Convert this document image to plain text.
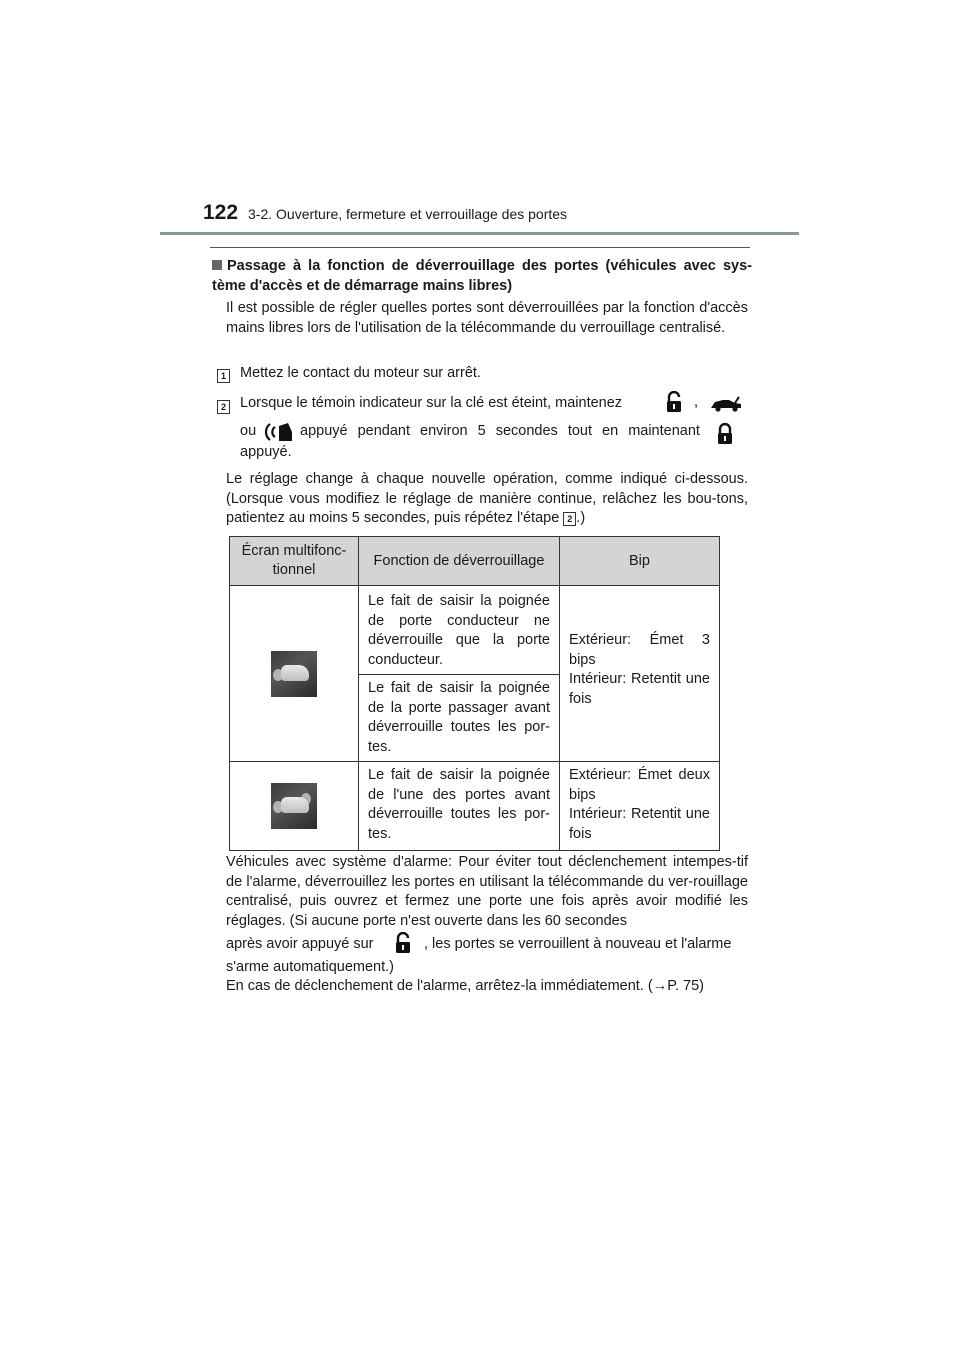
122 3-2. Ouverture, fermeture et verrouillage des portes
Passage à la fonction de déverrouillage des portes (véhicules avec sys-tème d'accès et de démarrage mains libres)
Il est possible de régler quelles portes sont déverrouillées par la fonction d'accès mains libres lors de l'utilisation de la télécommande du verrouillage centralisé.
1 Mettez le contact du moteur sur arrêt.
2 Lorsque le témoin indicateur sur la clé est éteint, maintenez	,
ou	appuyé pendant environ 5 secondes tout en maintenant
appuyé.
Le réglage change à chaque nouvelle opération, comme indiqué ci-dessous. (Lorsque vous modifiez le réglage de manière continue, relâchez les bou-tons, patientez au moins 5 secondes, puis répétez l'étape 2 .)
Écran multifonc-tionnel	Fonction de déverrouillage	Bip

	Le fait de saisir la poignée de porte conducteur ne déverrouille que la porte conducteur.	Extérieur: Émet 3 bips
Intérieur: Retentit une fois

	Le fait de saisir la poignée de la porte passager avant déverrouille toutes les por-tes.	

	Le fait de saisir la poignée de l'une des portes avant déverrouille toutes les por-tes.	Extérieur: Émet deux bips
Intérieur: Retentit une fois
Véhicules avec système d'alarme: Pour éviter tout déclenchement intempes-tif de l'alarme, déverrouillez les portes en utilisant la télécommande du ver-rouillage centralisé, puis ouvrez et fermez une porte une fois après avoir modifié les réglages. (Si aucune porte n'est ouverte dans les 60 secondes
après avoir appuyé sur	, les portes se verrouillent à nouveau et l'alarme
s'arme automatiquement.)
En cas de déclenchement de l'alarme, arrêtez-la immédiatement. (→P. 75)
